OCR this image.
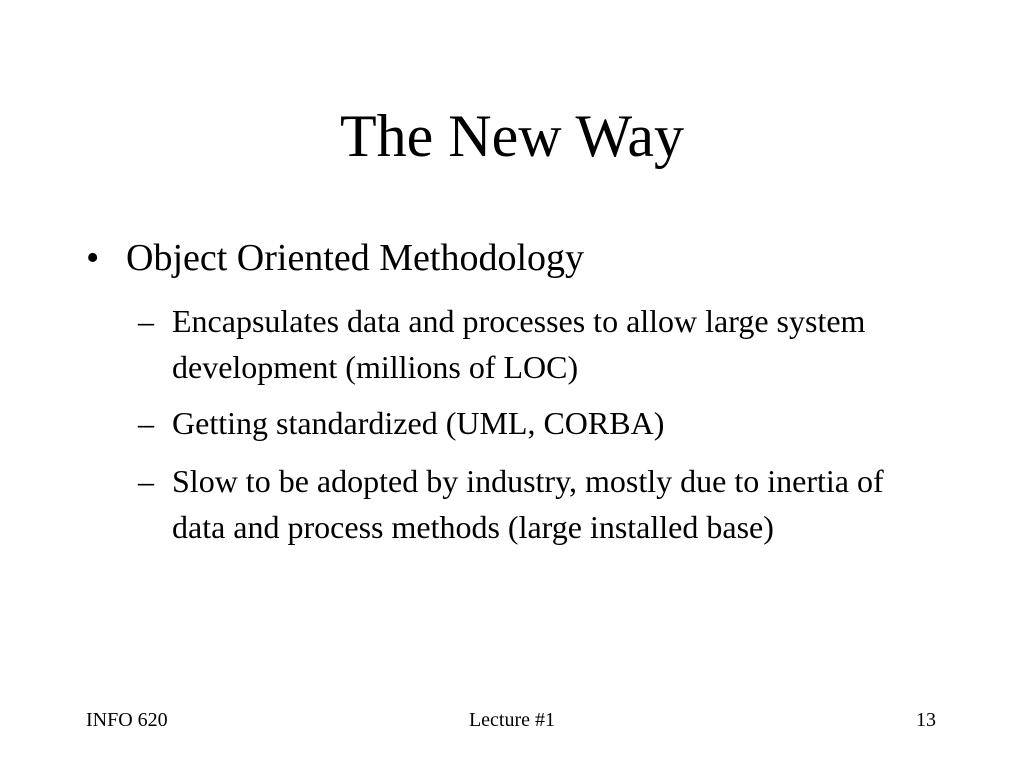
The New Way
• Object Oriented Methodology
– Encapsulates data and processes to allow large system development (millions of LOC)
– Getting standardized (UML, CORBA)
– Slow to be adopted by industry, mostly due to inertia of data and process methods (large installed base)
Lecture #1
INFO 620	13
